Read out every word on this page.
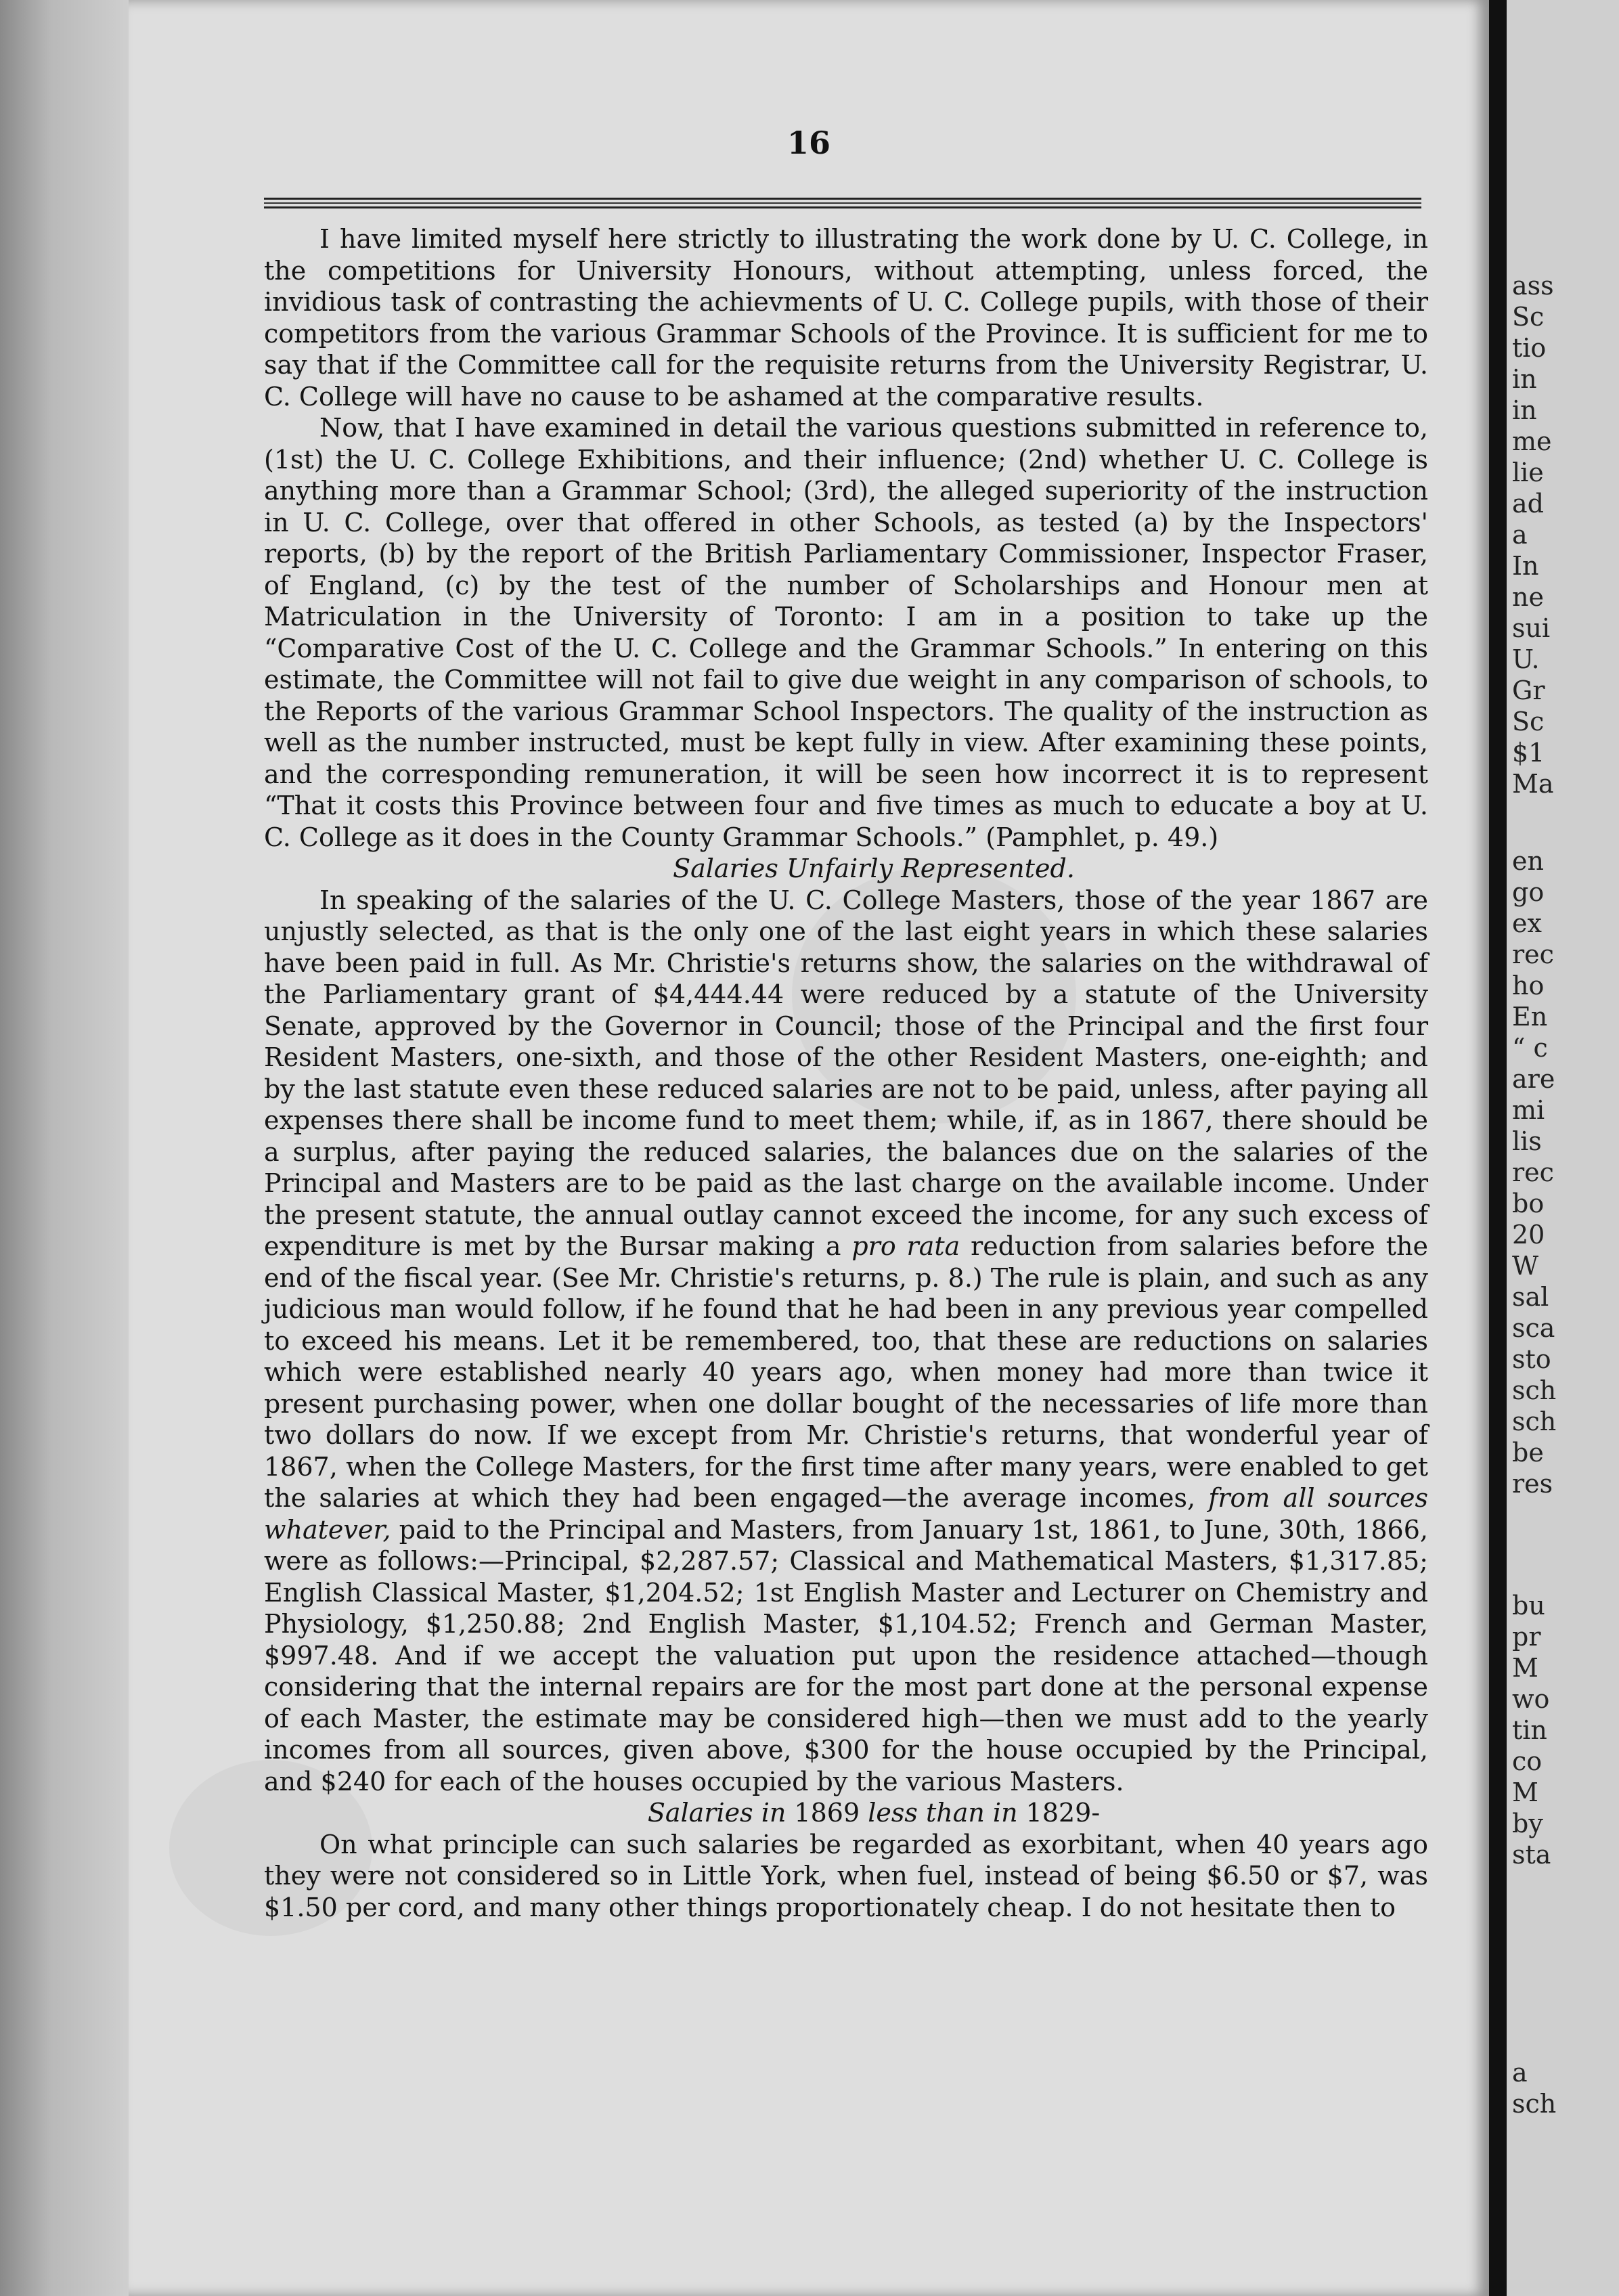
16

I have limited myself here strictly to illustrating the work done by U. C. College, in the competitions for University Honours, without attempting, unless forced, the invidious task of contrasting the achievments of U. C. College pupils, with those of their competitors from the various Grammar Schools of the Province. It is sufficient for me to say that if the Committee call for the requisite returns from the University Registrar, U. C. College will have no cause to be ashamed at the comparative results.

Now, that I have examined in detail the various questions submitted in reference to, (1st) the U. C. College Exhibitions, and their influence; (2nd) whether U. C. College is anything more than a Grammar School; (3rd), the alleged superiority of the instruction in U. C. College, over that offered in other Schools, as tested (a) by the Inspectors' reports, (b) by the report of the British Parliamentary Commissioner, Inspector Fraser, of England, (c) by the test of the number of Scholarships and Honour men at Matriculation in the University of Toronto: I am in a position to take up the “Comparative Cost of the U. C. College and the Grammar Schools.” In entering on this estimate, the Committee will not fail to give due weight in any comparison of schools, to the Reports of the various Grammar School Inspectors. The quality of the instruction as well as the number instructed, must be kept fully in view. After examining these points, and the corresponding remuneration, it will be seen how incorrect it is to represent “That it costs this Province between four and five times as much to educate a boy at U. C. College as it does in the County Grammar Schools.” (Pamphlet, p. 49.)

Salaries Unfairly Represented.

In speaking of the salaries of the U. C. College Masters, those of the year 1867 are unjustly selected, as that is the only one of the last eight years in which these salaries have been paid in full. As Mr. Christie's returns show, the salaries on the withdrawal of the Parliamentary grant of $4,444.44 were reduced by a statute of the University Senate, approved by the Governor in Council; those of the Principal and the first four Resident Masters, one-sixth, and those of the other Resident Masters, one-eighth; and by the last statute even these reduced salaries are not to be paid, unless, after paying all expenses there shall be income fund to meet them; while, if, as in 1867, there should be a surplus, after paying the reduced salaries, the balances due on the salaries of the Principal and Masters are to be paid as the last charge on the available income. Under the present statute, the annual outlay cannot exceed the income, for any such excess of expenditure is met by the Bursar making a pro rata reduction from salaries before the end of the fiscal year. (See Mr. Christie's returns, p. 8.) The rule is plain, and such as any judicious man would follow, if he found that he had been in any previous year compelled to exceed his means. Let it be remembered, too, that these are reductions on salaries which were established nearly 40 years ago, when money had more than twice it present purchasing power, when one dollar bought of the necessaries of life more than two dollars do now. If we except from Mr. Christie's returns, that wonderful year of 1867, when the College Masters, for the first time after many years, were enabled to get the salaries at which they had been engaged—the average incomes, from all sources whatever, paid to the Principal and Masters, from January 1st, 1861, to June, 30th, 1866, were as follows:—Principal, $2,287.57; Classical and Mathematical Masters, $1,317.85; English Classical Master, $1,204.52; 1st English Master and Lecturer on Chemistry and Physiology, $1,250.88; 2nd English Master, $1,104.52; French and German Master, $997.48. And if we accept the valuation put upon the residence attached—though considering that the internal repairs are for the most part done at the personal expense of each Master, the estimate may be considered high—then we must add to the yearly incomes from all sources, given above, $300 for the house occupied by the Principal, and $240 for each of the houses occupied by the various Masters.

Salaries in 1869 less than in 1829-

On what principle can such salaries be regarded as exorbitant, when 40 years ago they were not considered so in Little York, when fuel, instead of being $6.50 or $7, was $1.50 per cord, and many other things proportionately cheap. I do not hesitate then to

ass
Sc
tio
in
in
me
lie
ad
a
In
ne
sui
U.
Gr
Sc
$1
Ma
en
go
ex
rec
ho
En
“ c
are
mi
lis
rec
bo
20
W
sal
sca
sto
sch
sch
be
res
bu
pr
M
wo
tin
co
M
by
sta
a
sch
